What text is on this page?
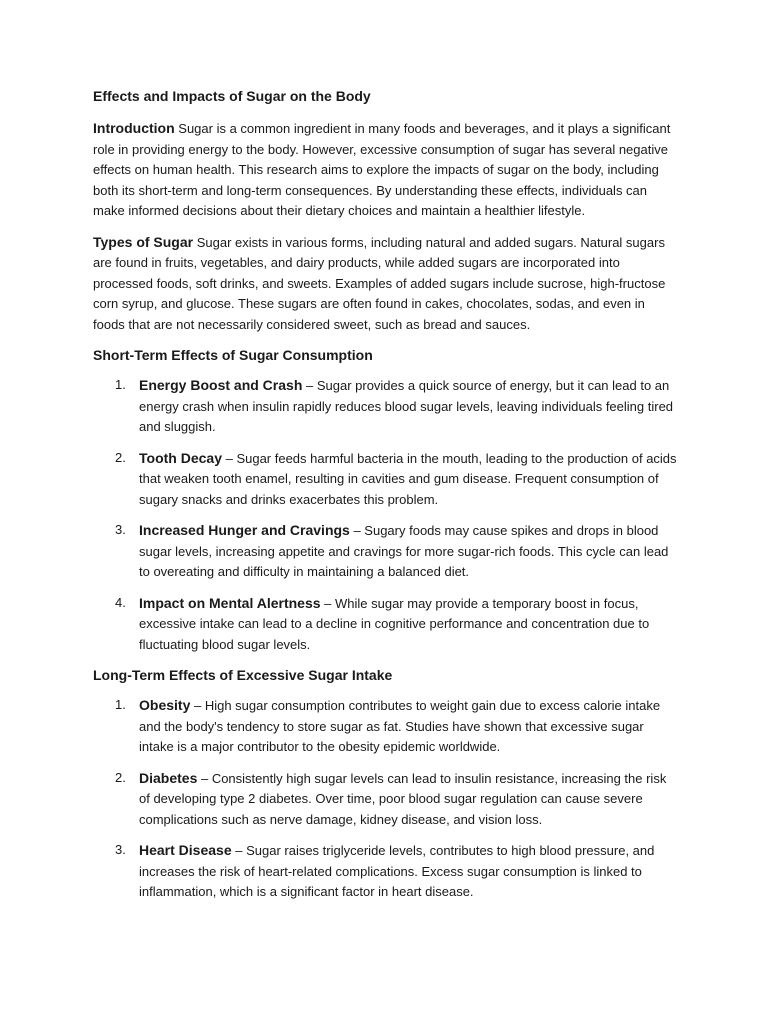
Effects and Impacts of Sugar on the Body

Introduction Sugar is a common ingredient in many foods and beverages, and it plays a significant role in providing energy to the body. However, excessive consumption of sugar has several negative effects on human health. This research aims to explore the impacts of sugar on the body, including both its short-term and long-term consequences. By understanding these effects, individuals can make informed decisions about their dietary choices and maintain a healthier lifestyle.

Types of Sugar Sugar exists in various forms, including natural and added sugars. Natural sugars are found in fruits, vegetables, and dairy products, while added sugars are incorporated into processed foods, soft drinks, and sweets. Examples of added sugars include sucrose, high-fructose corn syrup, and glucose. These sugars are often found in cakes, chocolates, sodas, and even in foods that are not necessarily considered sweet, such as bread and sauces.

Short-Term Effects of Sugar Consumption
1. Energy Boost and Crash – Sugar provides a quick source of energy, but it can lead to an energy crash when insulin rapidly reduces blood sugar levels, leaving individuals feeling tired and sluggish.
2. Tooth Decay – Sugar feeds harmful bacteria in the mouth, leading to the production of acids that weaken tooth enamel, resulting in cavities and gum disease. Frequent consumption of sugary snacks and drinks exacerbates this problem.
3. Increased Hunger and Cravings – Sugary foods may cause spikes and drops in blood sugar levels, increasing appetite and cravings for more sugar-rich foods. This cycle can lead to overeating and difficulty in maintaining a balanced diet.
4. Impact on Mental Alertness – While sugar may provide a temporary boost in focus, excessive intake can lead to a decline in cognitive performance and concentration due to fluctuating blood sugar levels.
Long-Term Effects of Excessive Sugar Intake
1. Obesity – High sugar consumption contributes to weight gain due to excess calorie intake and the body's tendency to store sugar as fat. Studies have shown that excessive sugar intake is a major contributor to the obesity epidemic worldwide.
2. Diabetes – Consistently high sugar levels can lead to insulin resistance, increasing the risk of developing type 2 diabetes. Over time, poor blood sugar regulation can cause severe complications such as nerve damage, kidney disease, and vision loss.
3. Heart Disease – Sugar raises triglyceride levels, contributes to high blood pressure, and increases the risk of heart-related complications. Excess sugar consumption is linked to inflammation, which is a significant factor in heart disease.
